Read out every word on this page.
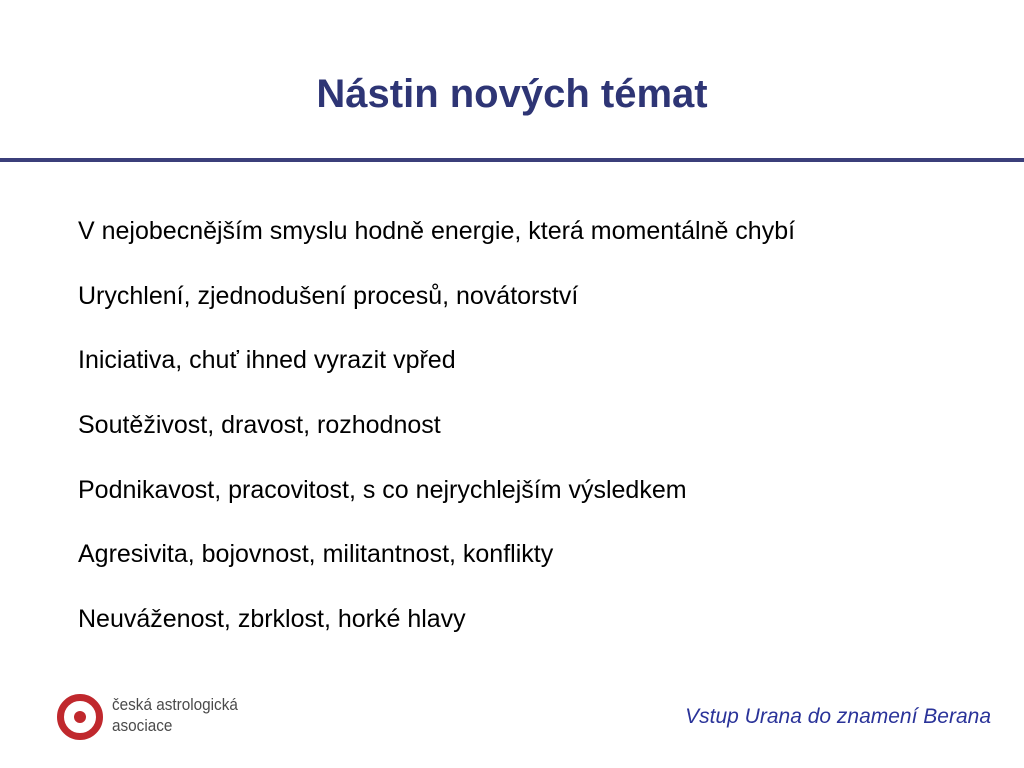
Nástin nových témat
V nejobecnějším smyslu hodně energie, která momentálně chybí
Urychlení, zjednodušení procesů, novátorství
Iniciativa, chuť ihned vyrazit vpřed
Soutěživost, dravost, rozhodnost
Podnikavost, pracovitost, s co nejrychlejším výsledkem
Agresivita, bojovnost, militantnost, konflikty
Neuváženost, zbrklost, horké hlavy
česká astrologická
asociace	Vstup Urana do znamení Berana
